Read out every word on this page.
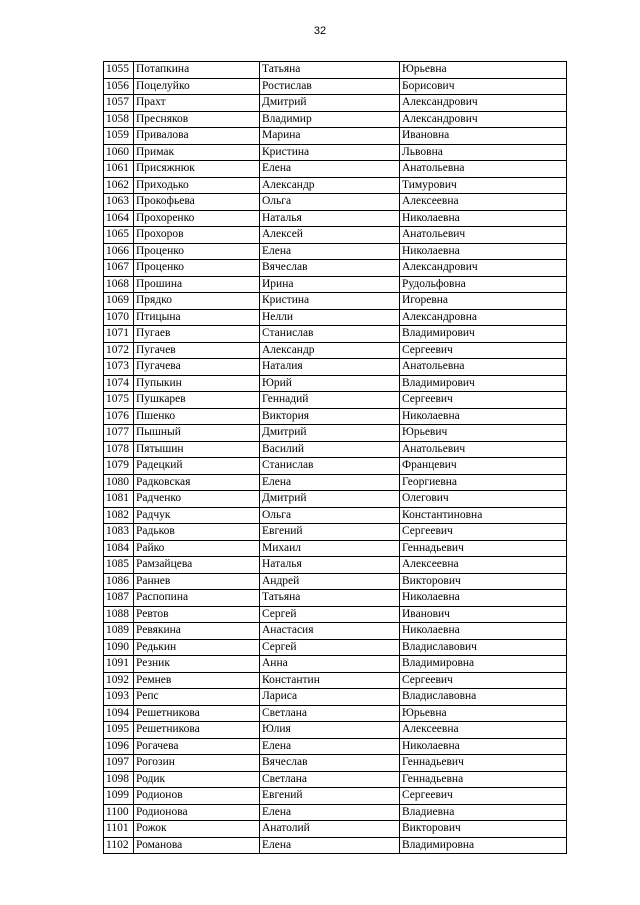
32
1055	Потапкина	Татьяна	Юрьевна
1056	Поцелуйко	Ростислав	Борисович
1057	Прахт	Дмитрий	Александрович
1058	Пресняков	Владимир	Александрович
1059	Привалова	Марина	Ивановна
1060	Примак	Кристина	Львовна
1061	Присяжнюк	Елена	Анатольевна
1062	Приходько	Александр	Тимурович
1063	Прокофьева	Ольга	Алексеевна
1064	Прохоренко	Наталья	Николаевна
1065	Прохоров	Алексей	Анатольевич
1066	Проценко	Елена	Николаевна
1067	Проценко	Вячеслав	Александрович
1068	Прошина	Ирина	Рудольфовна
1069	Прядко	Кристина	Игоревна
1070	Птицына	Нелли	Александровна
1071	Пугаев	Станислав	Владимирович
1072	Пугачев	Александр	Сергеевич
1073	Пугачева	Наталия	Анатольевна
1074	Пупыкин	Юрий	Владимирович
1075	Пушкарев	Геннадий	Сергеевич
1076	Пшенко	Виктория	Николаевна
1077	Пышный	Дмитрий	Юрьевич
1078	Пятышин	Василий	Анатольевич
1079	Радецкий	Станислав	Францевич
1080	Радковская	Елена	Георгиевна
1081	Радченко	Дмитрий	Олегович
1082	Радчук	Ольга	Константиновна
1083	Радьков	Евгений	Сергеевич
1084	Райко	Михаил	Геннадьевич
1085	Рамзайцева	Наталья	Алексеевна
1086	Раннев	Андрей	Викторович
1087	Распопина	Татьяна	Николаевна
1088	Ревтов	Сергей	Иванович
1089	Ревякина	Анастасия	Николаевна
1090	Редькин	Сергей	Владиславович
1091	Резник	Анна	Владимировна
1092	Ремнев	Константин	Сергеевич
1093	Репс	Лариса	Владиславовна
1094	Решетникова	Светлана	Юрьевна
1095	Решетникова	Юлия	Алексеевна
1096	Рогачева	Елена	Николаевна
1097	Рогозин	Вячеслав	Геннадьевич
1098	Родик	Светлана	Геннадьевна
1099	Родионов	Евгений	Сергеевич
1100	Родионова	Елена	Владиевна
1101	Рожок	Анатолий	Викторович
1102	Романова	Елена	Владимировна
